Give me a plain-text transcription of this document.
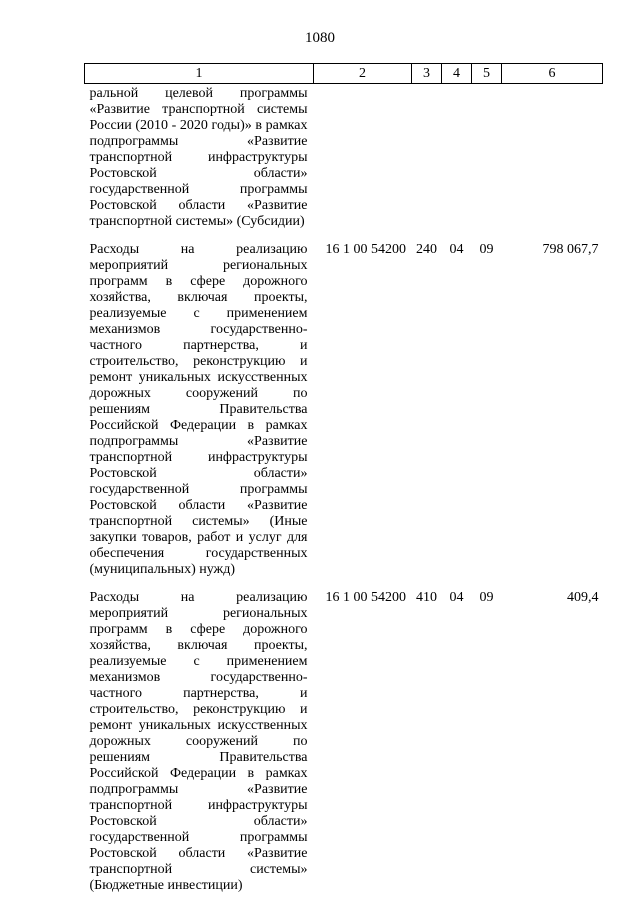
1080
1	2	3	4	5	6
ральной целевой программы «Развитие транспортной системы России (2010 - 2020 годы)» в рамках подпрограммы «Развитие транспортной инфраструктуры Ростовской области» государственной программы Ростовской области «Развитие транспортной системы» (Субсидии)					
Расходы на реализацию мероприятий региональных программ в сфере дорожного хозяйства, включая проекты, реализуемые с применением механизмов государственно-частного партнерства, и строительство, реконструкцию и ремонт уникальных искусственных дорожных сооружений по решениям Правительства Российской Федерации в рамках подпрограммы «Развитие транспортной инфраструктуры Ростовской области» государственной программы Ростовской области «Развитие транспортной системы» (Иные закупки товаров, работ и услуг для обеспечения государственных (муниципальных) нужд)	16 1 00 54200	240	04	09	798 067,7
Расходы на реализацию мероприятий региональных программ в сфере дорожного хозяйства, включая проекты, реализуемые с применением механизмов государственно-частного партнерства, и строительство, реконструкцию и ремонт уникальных искусственных дорожных сооружений по решениям Правительства Российской Федерации в рамках подпрограммы «Развитие транспортной инфраструктуры Ростовской области» государственной программы Ростовской области «Развитие транспортной системы» (Бюджетные инвестиции)	16 1 00 54200	410	04	09	409,4
